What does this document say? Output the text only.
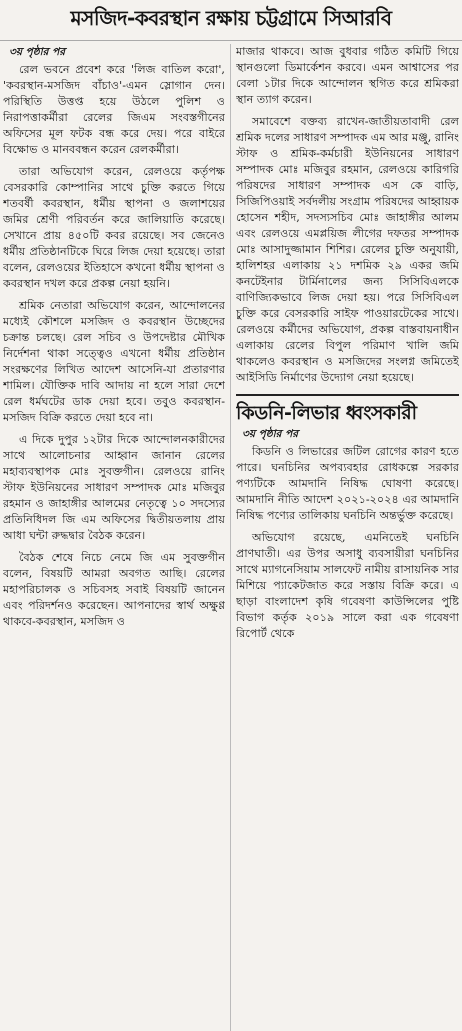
মসজিদ-কবরস্থান রক্ষায় চট্টগ্রামে সিআরবি
৩য় পৃষ্ঠার পর

রেল ভবনে প্রবেশ করে 'লিজ বাতিল করো', 'কবরস্থান-মসজিদ বাঁচাও'-এমন স্লোগান দেন। পরিস্থিতি উত্তপ্ত হয়ে উঠলে পুলিশ ও নিরাপত্তাকর্মীরা রেলের জিএম সংবস্তগীনের অফিসের মূল ফটক বন্ধ করে দেয়। পরে বাইরে বিক্ষোভ ও মানববন্ধন করেন রেলকর্মীরা।

তারা অভিযোগ করেন, রেলওয়ে কর্তৃপক্ষ বেসরকারি কোম্পানির সাথে চুক্তি করতে গিয়ে শতবর্ষী কবরস্থান, ধর্মীয় স্থাপনা ও জলাশয়ের জমির শ্রেণী পরিবর্তন করে জালিয়াতি করেছে। সেখানে প্রায় ৪৫০টি কবর রয়েছে। সব জেনেও ধর্মীয় প্রতিষ্ঠানটিকে ঘিরে লিজ দেয়া হয়েছে। তারা বলেন, রেলওয়ের ইতিহাসে কখনো ধর্মীয় স্থাপনা ও কবরস্থান দখল করে প্রকল্প নেয়া হয়নি।

শ্রমিক নেতারা অভিযোগ করেন, আন্দোলনের মধ্যেই কৌশলে মসজিদ ও কবরস্থান উচ্ছেদের চক্রান্ত চলছে। রেল সচিব ও উপদেষ্টার মৌখিক নির্দেশনা থাকা সত্ত্বেও এখনো ধর্মীয় প্রতিষ্ঠান সংরক্ষণের লিখিত আদেশ আসেনি-যা প্রতারণার শামিল। যৌক্তিক দাবি আদায় না হলে সারা দেশে রেল ধর্মঘটের ডাক দেয়া হবে। তবুও কবরস্থান-মসজিদ বিক্রি করতে দেয়া হবে না।

এ দিকে দুপুর ১২টার দিকে আন্দোলনকারীদের সাথে আলোচনার আহ্বান জানান রেলের মহাব্যবস্থাপক মোঃ সুবক্তগীন। রেলওয়ে রানিং স্টাফ ইউনিয়নের সাধারণ সম্পাদক মোঃ মজিবুর রহমান ও জাহাঙ্গীর আলমের নেতৃত্বে ১০ সদস্যের প্রতিনিধিদল জি এম অফিসের দ্বিতীয়তলায় প্রায় আধা ঘন্টা রুদ্ধদ্বার বৈঠক করেন।

বৈঠক শেষে নিচে নেমে জি এম সুবক্তগীন বলেন, বিষয়টি আমরা অবগত আছি। রেলের মহাপরিচালক ও সচিবসহ সবাই বিষয়টি জানেন এবং পরিদর্শনও করেছেন। আপনাদের স্বার্থ অক্ষুণ্ণ থাকবে-কবরস্থান, মসজিদ ও

মাজার থাকবে। আজ বুধবার গঠিত কমিটি গিয়ে স্থানগুলো ডিমার্কেশন করবে। এমন আশ্বাসের পর বেলা ১টার দিকে আন্দোলন স্থগিত করে শ্রমিকরা স্থান ত্যাগ করেন।

সমাবেশে বক্তব্য রাখেন-জাতীয়তাবাদী রেল শ্রমিক দলের সাধারণ সম্পাদক এম আর মঞ্জু, রানিং স্টাফ ও শ্রমিক-কর্মচারী ইউনিয়নের সাধারণ সম্পাদক মোঃ মজিবুর রহমান, রেলওয়ে কারিগরি পরিষদের সাধারণ সম্পাদক এস কে বাড়ি, সিজিপিওয়াই সর্বদলীয় সংগ্রাম পরিষদের আহ্বায়ক হোসেন শহীদ, সদস্যসচিব মোঃ জাহাঙ্গীর আলম এবং রেলওয়ে এমপ্লয়িজ লীগের দফতর সম্পাদক মোঃ আসাদুজ্জামান শিশির। রেলের চুক্তি অনুযায়ী, হালিশহর এলাকায় ২১ দশমিক ২৯ একর জমি কনটেইনার টার্মিনালের জন্য সিসিবিএলকে বাণিজ্যিকভাবে লিজ দেয়া হয়। পরে সিসিবিএল চুক্তি করে বেসরকারি সাইফ পাওয়ারটেকের সাথে। রেলওয়ে কর্মীদের অভিযোগ, প্রকল্প বাস্তবায়নাধীন এলাকায় রেলের বিপুল পরিমাণ খালি জমি থাকলেও কবরস্থান ও মসজিদের সংলগ্ন জমিতেই আইসিডি নির্মাণের উদ্যোগ নেয়া হয়েছে।

কিডনি-লিভার ধ্বংসকারী
৩য় পৃষ্ঠার পর

কিডনি ও লিভারের জটিল রোগের কারণ হতে পারে। ঘনচিনির অপব্যবহার রোধকল্পে সরকার পণ্যটিকে আমদানি নিষিদ্ধ ঘোষণা করেছে। আমদানি নীতি আদেশ ২০২১-২০২৪ এর আমদানি নিষিদ্ধ পণ্যের তালিকায় ঘনচিনি অন্তর্ভুক্ত করেছে।

অভিযোগ রয়েছে, এমনিতেই ঘনচিনি প্রাণঘাতী। এর উপর অসাধু ব্যবসায়ীরা ঘনচিনির সাথে ম্যাগনেসিয়াম সালফেট নামীয় রাসায়নিক সার মিশিয়ে প্যাকেটজাত করে সস্তায় বিক্রি করে। এ ছাড়া বাংলাদেশ কৃষি গবেষণা কাউন্সিলের পুষ্টি বিভাগ কর্তৃক ২০১৯ সালে করা এক গবেষণা রিপোর্ট থেকে
